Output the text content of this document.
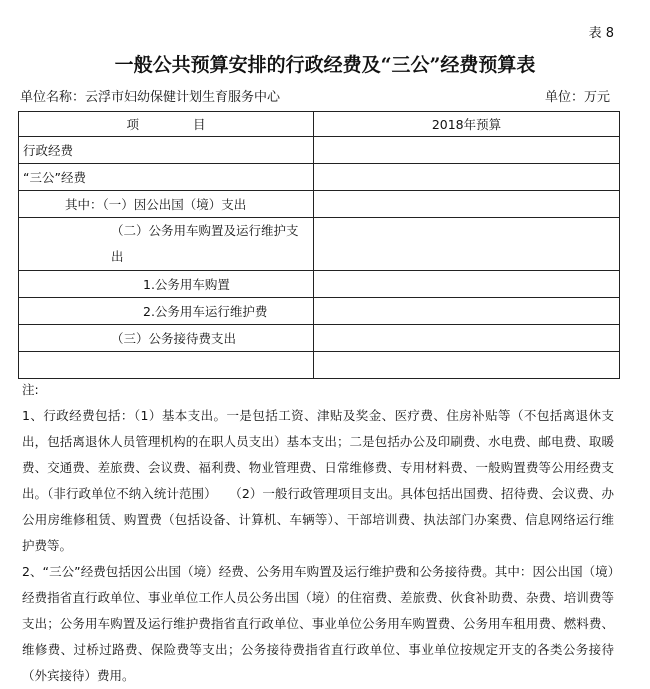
表 8
一般公共预算安排的行政经费及“三公”经费预算表
单位名称：云浮市妇幼保健计划生育服务中心	单位：万元
项 目	2018年预算
行政经费	
“三公”经费	
其中：（一）因公出国（境）支出	
（二）公务用车购置及运行维护支出	
1.公务用车购置	
2.公务用车运行维护费	
（三）公务接待费支出	

注:

1、行政经费包括：（1）基本支出。一是包括工资、津贴及奖金、医疗费、住房补贴等（不包括离退休支出，包括离退休人员管理机构的在职人员支出）基本支出；二是包括办公及印刷费、水电费、邮电费、取暖费、交通费、差旅费、会议费、福利费、物业管理费、日常维修费、专用材料费、一般购置费等公用经费支出。（非行政单位不纳入统计范围）　　（2）一般行政管理项目支出。具体包括出国费、招待费、会议费、办公用房维修租赁、购置费（包括设备、计算机、车辆等）、干部培训费、执法部门办案费、信息网络运行维护费等。

2、“三公”经费包括因公出国（境）经费、公务用车购置及运行维护费和公务接待费。其中：因公出国（境）经费指省直行政单位、事业单位工作人员公务出国（境）的住宿费、差旅费、伙食补助费、杂费、培训费等支出；公务用车购置及运行维护费指省直行政单位、事业单位公务用车购置费、公务用车租用费、燃料费、维修费、过桥过路费、保险费等支出；公务接待费指省直行政单位、事业单位按规定开支的各类公务接待（外宾接待）费用。
